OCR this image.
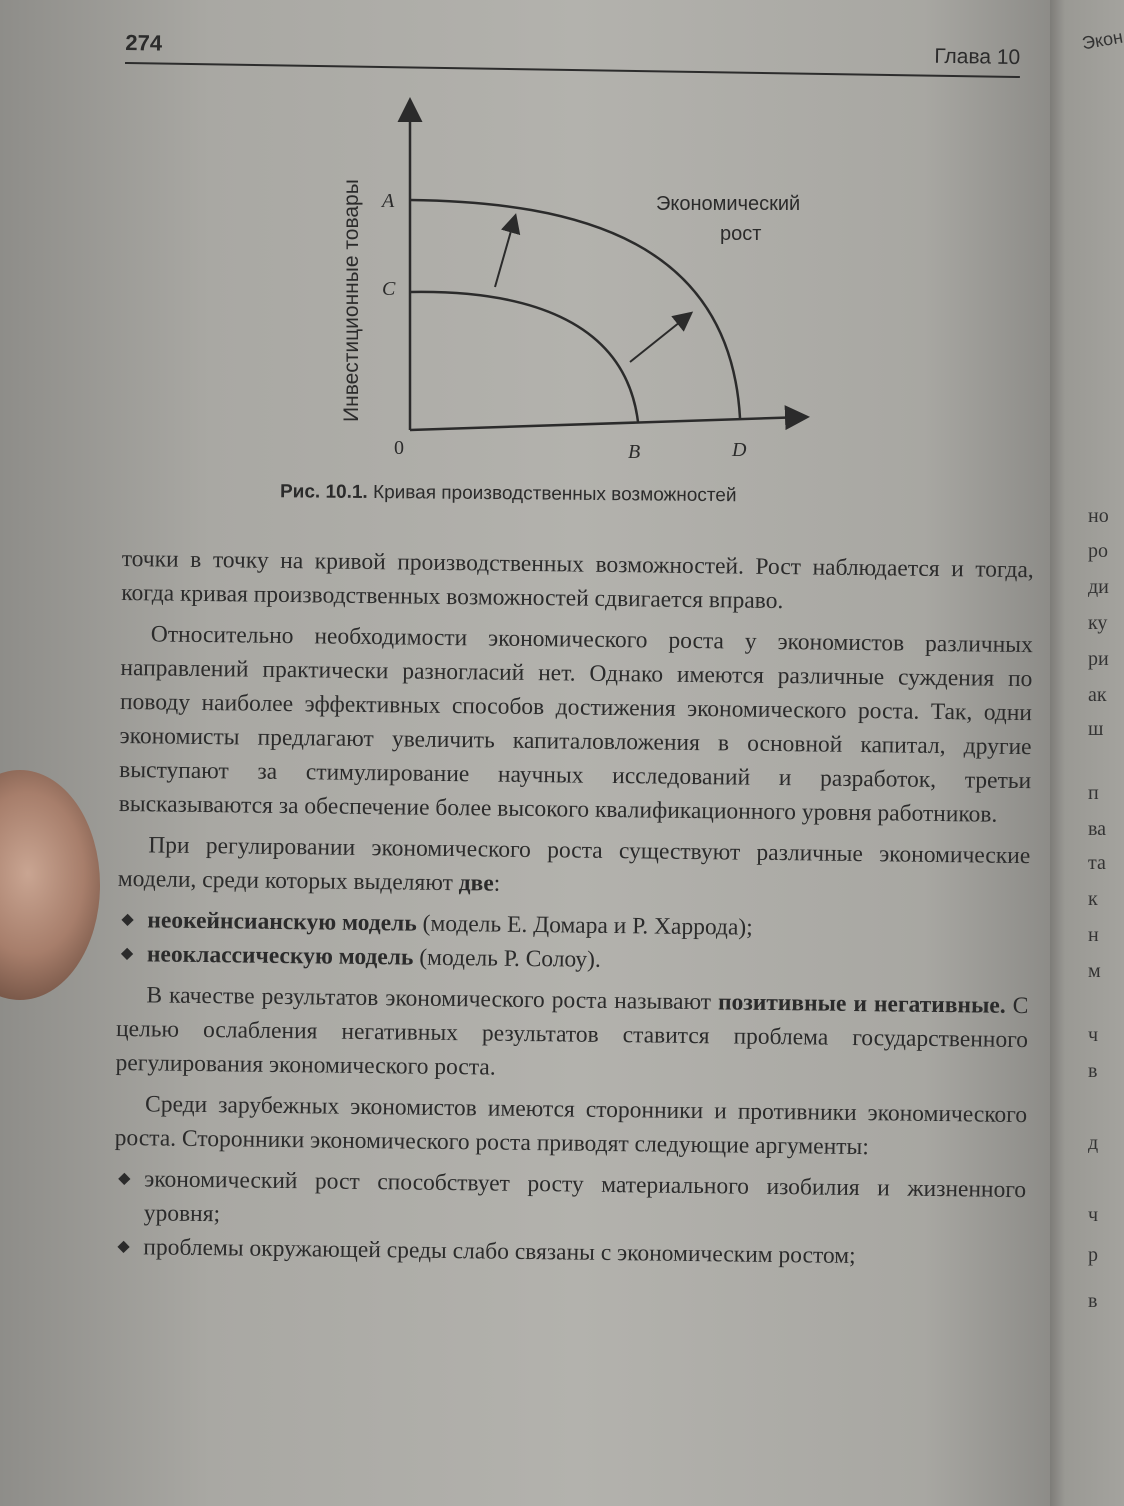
Экон
но
ро
ди
ку
ри
ак
ш
п
ва
та
к
н
м
ч
в
д
ч
р
в
274
Глава 10
Инвестиционные товары A
C
0	B	D
Экономический
рост
Рис. 10.1. Кривая производственных возможностей

точки в точку на кривой производственных возможностей. Рост наблюдается и тогда, когда кривая производственных возможностей сдвигается вправо.

Относительно необходимости экономического роста у экономистов различных направлений практически разногласий нет. Однако имеются различные суждения по поводу наиболее эффективных способов достижения экономического роста. Так, одни экономисты предлагают увеличить капиталовложения в основной капитал, другие выступают за стимулирование научных исследований и разработок, третьи высказываются за обеспечение более высокого квалификационного уровня работников.

При регулировании экономического роста существуют различные экономические модели, среди которых выделяют две:

◆ неокейнсианскую модель (модель Е. Домара и Р. Харрода);
◆ неоклассическую модель (модель Р. Солоу).

В качестве результатов экономического роста называют позитивные и негативные. С целью ослабления негативных результатов ставится проблема государственного регулирования экономического роста.

Среди зарубежных экономистов имеются сторонники и противники экономического роста. Сторонники экономического роста приводят следующие аргументы:

◆ экономический рост способствует росту материального изобилия и жизненного уровня;
◆ проблемы окружающей среды слабо связаны с экономическим ростом;
